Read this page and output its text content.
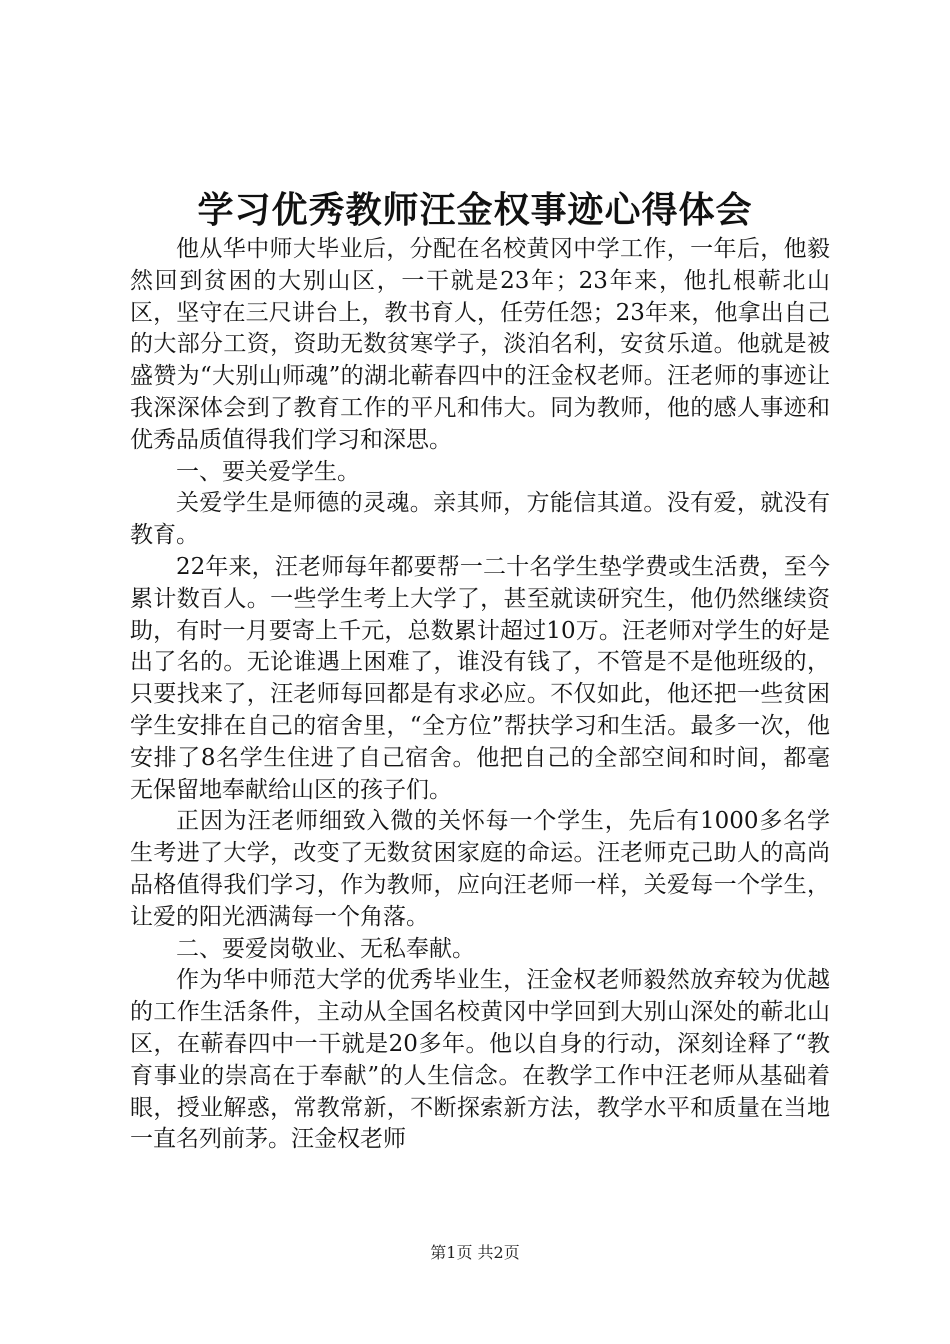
学习优秀教师汪金权事迹心得体会

他从华中师大毕业后，分配在名校黄冈中学工作，一年后，他毅然回到贫困的大别山区，一干就是23年；23年来，他扎根蕲北山区，坚守在三尺讲台上，教书育人，任劳任怨；23年来，他拿出自己的大部分工资，资助无数贫寒学子，淡泊名利，安贫乐道。他就是被盛赞为“大别山师魂”的湖北蕲春四中的汪金权老师。汪老师的事迹让我深深体会到了教育工作的平凡和伟大。同为教师，他的感人事迹和优秀品质值得我们学习和深思。

一、要关爱学生。

关爱学生是师德的灵魂。亲其师，方能信其道。没有爱，就没有教育。

22年来，汪老师每年都要帮一二十名学生垫学费或生活费，至今累计数百人。一些学生考上大学了，甚至就读研究生，他仍然继续资助，有时一月要寄上千元，总数累计超过10万。汪老师对学生的好是出了名的。无论谁遇上困难了，谁没有钱了，不管是不是他班级的，只要找来了，汪老师每回都是有求必应。不仅如此，他还把一些贫困学生安排在自己的宿舍里，“全方位”帮扶学习和生活。最多一次，他安排了8名学生住进了自己宿舍。他把自己的全部空间和时间，都毫无保留地奉献给山区的孩子们。

正因为汪老师细致入微的关怀每一个学生，先后有1000多名学生考进了大学，改变了无数贫困家庭的命运。汪老师克己助人的高尚品格值得我们学习，作为教师，应向汪老师一样，关爱每一个学生，让爱的阳光洒满每一个角落。

二、要爱岗敬业、无私奉献。

作为华中师范大学的优秀毕业生，汪金权老师毅然放弃较为优越的工作生活条件，主动从全国名校黄冈中学回到大别山深处的蕲北山区，在蕲春四中一干就是20多年。他以自身的行动，深刻诠释了“教育事业的崇高在于奉献”的人生信念。在教学工作中汪老师从基础着眼，授业解惑，常教常新，不断探索新方法，教学水平和质量在当地一直名列前茅。汪金权老师

第1页 共2页
